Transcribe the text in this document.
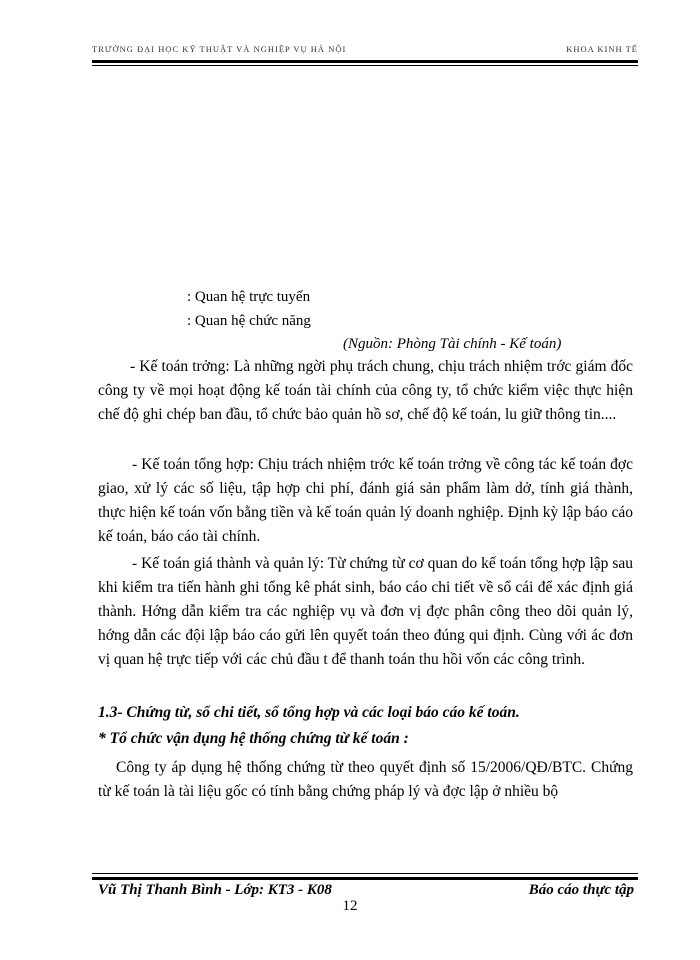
TRƯỜNG ĐẠI HỌC KỸ THUẬT VÀ NGHIỆP VỤ HÀ NỘI	KHOA KINH TẾ
: Quan hệ trực tuyến
: Quan hệ chức năng
(Nguồn: Phòng Tài chính - Kế toán)
- Kế toán trởng: Là những ngời phụ trách chung, chịu trách nhiệm trớc giám đốc công ty về mọi hoạt động kế toán tài chính của công ty, tổ chức kiểm việc thực hiện chế độ ghi chép ban đầu, tổ chức bảo quản hồ sơ, chế độ kế toán, lu giữ thông tin....
- Kế toán tổng hợp: Chịu trách nhiệm trớc kế toán trởng về công tác kế toán đợc giao, xử lý các số liệu, tập hợp chi phí, đánh giá sản phẩm làm dở, tính giá thành, thực hiện kế toán vốn bằng tiền và kế toán quản lý doanh nghiệp. Định kỳ lập báo cáo kế toán, báo cáo tài chính.
- Kế toán giá thành và quản lý: Từ chứng từ cơ quan do kế toán tổng hợp lập sau khi kiểm tra tiến hành ghi tổng kê phát sinh, báo cáo chi tiết về sổ cái để xác định giá thành. Hớng dẫn kiểm tra các nghiệp vụ và đơn vị đợc phân công theo dõi quản lý, hớng dẫn các đội lập báo cáo gửi lên quyết toán theo đúng qui định. Cùng với ác đơn vị quan hệ trực tiếp với các chủ đầu t để thanh toán thu hồi vốn các công trình.
1.3- Chứng từ, sổ chi tiết, sổ tổng hợp và các loại báo cáo kế toán.
* Tổ chức vận dụng hệ thống chứng từ kế toán :
Công ty áp dụng hệ thống chứng từ theo quyết định số 15/2006/QĐ/BTC. Chứng từ kế toán là tài liệu gốc có tính bằng chứng pháp lý và đợc lập ở nhiều bộ
Vũ Thị Thanh Bình - Lớp: KT3 - K08	Báo cáo thực tập
12
